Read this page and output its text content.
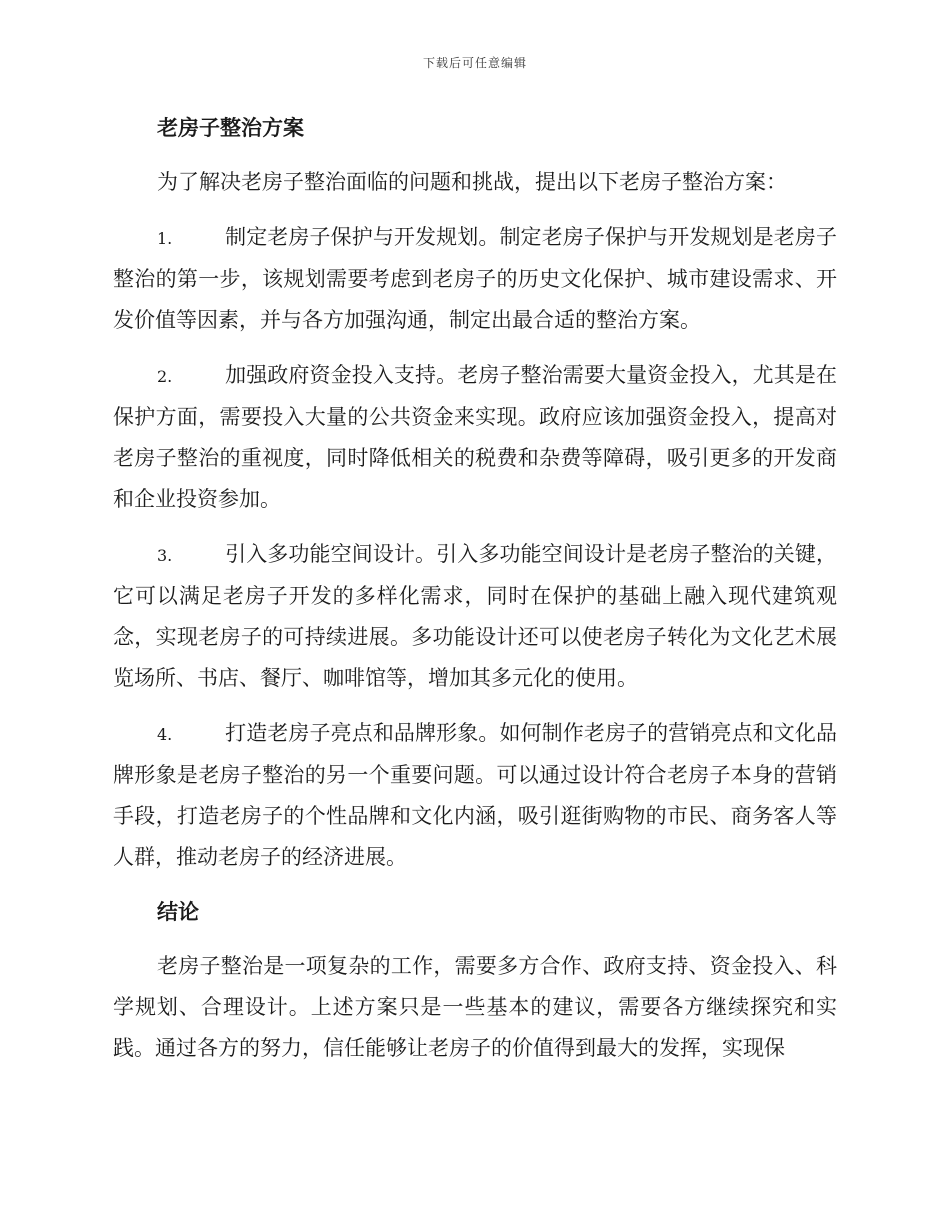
下载后可任意编辑
老房子整治方案

为了解决老房子整治面临的问题和挑战，提出以下老房子整治方案：

1.	制定老房子保护与开发规划。制定老房子保护与开发规划是老房子整治的第一步，该规划需要考虑到老房子的历史文化保护、城市建设需求、开发价值等因素，并与各方加强沟通，制定出最合适的整治方案。

2.	加强政府资金投入支持。老房子整治需要大量资金投入，尤其是在保护方面，需要投入大量的公共资金来实现。政府应该加强资金投入，提高对老房子整治的重视度，同时降低相关的税费和杂费等障碍，吸引更多的开发商和企业投资参加。

3.	引入多功能空间设计。引入多功能空间设计是老房子整治的关键，它可以满足老房子开发的多样化需求，同时在保护的基础上融入现代建筑观念，实现老房子的可持续进展。多功能设计还可以使老房子转化为文化艺术展览场所、书店、餐厅、咖啡馆等，增加其多元化的使用。

4.	打造老房子亮点和品牌形象。如何制作老房子的营销亮点和文化品牌形象是老房子整治的另一个重要问题。可以通过设计符合老房子本身的营销手段，打造老房子的个性品牌和文化内涵，吸引逛街购物的市民、商务客人等人群，推动老房子的经济进展。

结论

老房子整治是一项复杂的工作，需要多方合作、政府支持、资金投入、科学规划、合理设计。上述方案只是一些基本的建议，需要各方继续探究和实践。通过各方的努力，信任能够让老房子的价值得到最大的发挥，实现保
